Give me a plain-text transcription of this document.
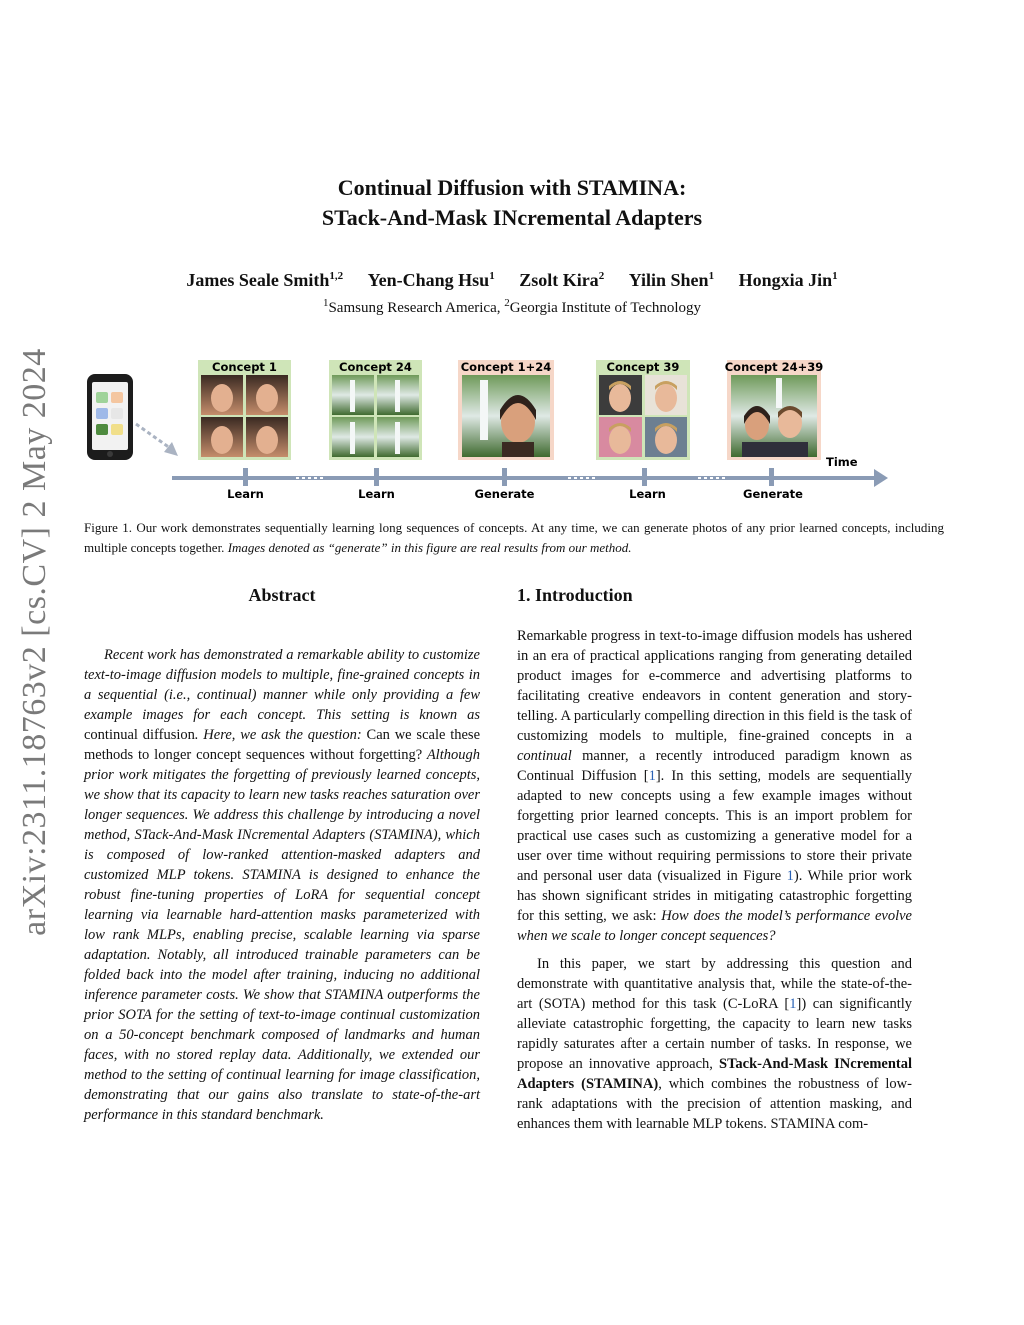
arXiv:2311.18763v2 [cs.CV] 2 May 2024
Continual Diffusion with STAMINA:
STack-And-Mask INcremental Adapters
James Seale Smith$^{1,2}$ Yen-Chang Hsu$^1$ Zsolt Kira$^2$ Yilin Shen$^1$ Hongxia Jin$^1$
$^1$Samsung Research America, $^2$Georgia Institute of Technology
Time
Concept 1	Concept 24	Concept 1+24	Concept 39	Concept 24+39
Learn	Learn	Generate	Learn	Generate
Figure 1. Our work demonstrates sequentially learning long sequences of concepts. At any time, we can generate photos of any prior learned concepts, including multiple concepts together. Images denoted as “generate” in this figure are real results from our method.
Abstract

Recent work has demonstrated a remarkable ability to customize text-to-image diffusion models to multiple, fine-grained concepts in a sequential (i.e., continual) manner while only providing a few example images for each concept. This setting is known as continual diffusion. Here, we ask the question: Can we scale these methods to longer concept sequences without forgetting? Although prior work mitigates the forgetting of previously learned concepts, we show that its capacity to learn new tasks reaches saturation over longer sequences. We address this challenge by introducing a novel method, STack-And-Mask INcremental Adapters (STAMINA), which is composed of low-ranked attention-masked adapters and customized MLP tokens. STAMINA is designed to enhance the robust fine-tuning properties of LoRA for sequential concept learning via learnable hard-attention masks parameterized with low rank MLPs, enabling precise, scalable learning via sparse adaptation. Notably, all introduced trainable parameters can be folded back into the model after training, inducing no additional inference parameter costs. We show that STAMINA outperforms the prior SOTA for the setting of text-to-image continual customization on a 50-concept benchmark composed of landmarks and human faces, with no stored replay data. Additionally, we extended our method to the setting of continual learning for image classification, demonstrating that our gains also translate to state-of-the-art performance in this standard benchmark.

1. Introduction

Remarkable progress in text-to-image diffusion models has ushered in an era of practical applications ranging from generating detailed product images for e-commerce and advertising platforms to facilitating creative endeavors in content generation and story-telling. A particularly compelling direction in this field is the task of customizing models to multiple, fine-grained concepts in a continual manner, a recently introduced paradigm known as Continual Diffusion [1]. In this setting, models are sequentially adapted to new concepts using a few example images without forgetting prior learned concepts. This is an import problem for practical use cases such as customizing a generative model for a user over time without requiring permissions to store their private and personal user data (visualized in Figure 1). While prior work has shown significant strides in mitigating catastrophic forgetting for this setting, we ask: How does the model’s performance evolve when we scale to longer concept sequences?

In this paper, we start by addressing this question and demonstrate with quantitative analysis that, while the state-of-the-art (SOTA) method for this task (C-LoRA [1]) can significantly alleviate catastrophic forgetting, the capacity to learn new tasks rapidly saturates after a certain number of tasks. In response, we propose an innovative approach, STack-And-Mask INcremental Adapters (STAMINA), which combines the robustness of low-rank adaptations with the precision of attention masking, and enhances them with learnable MLP tokens. STAMINA com-
